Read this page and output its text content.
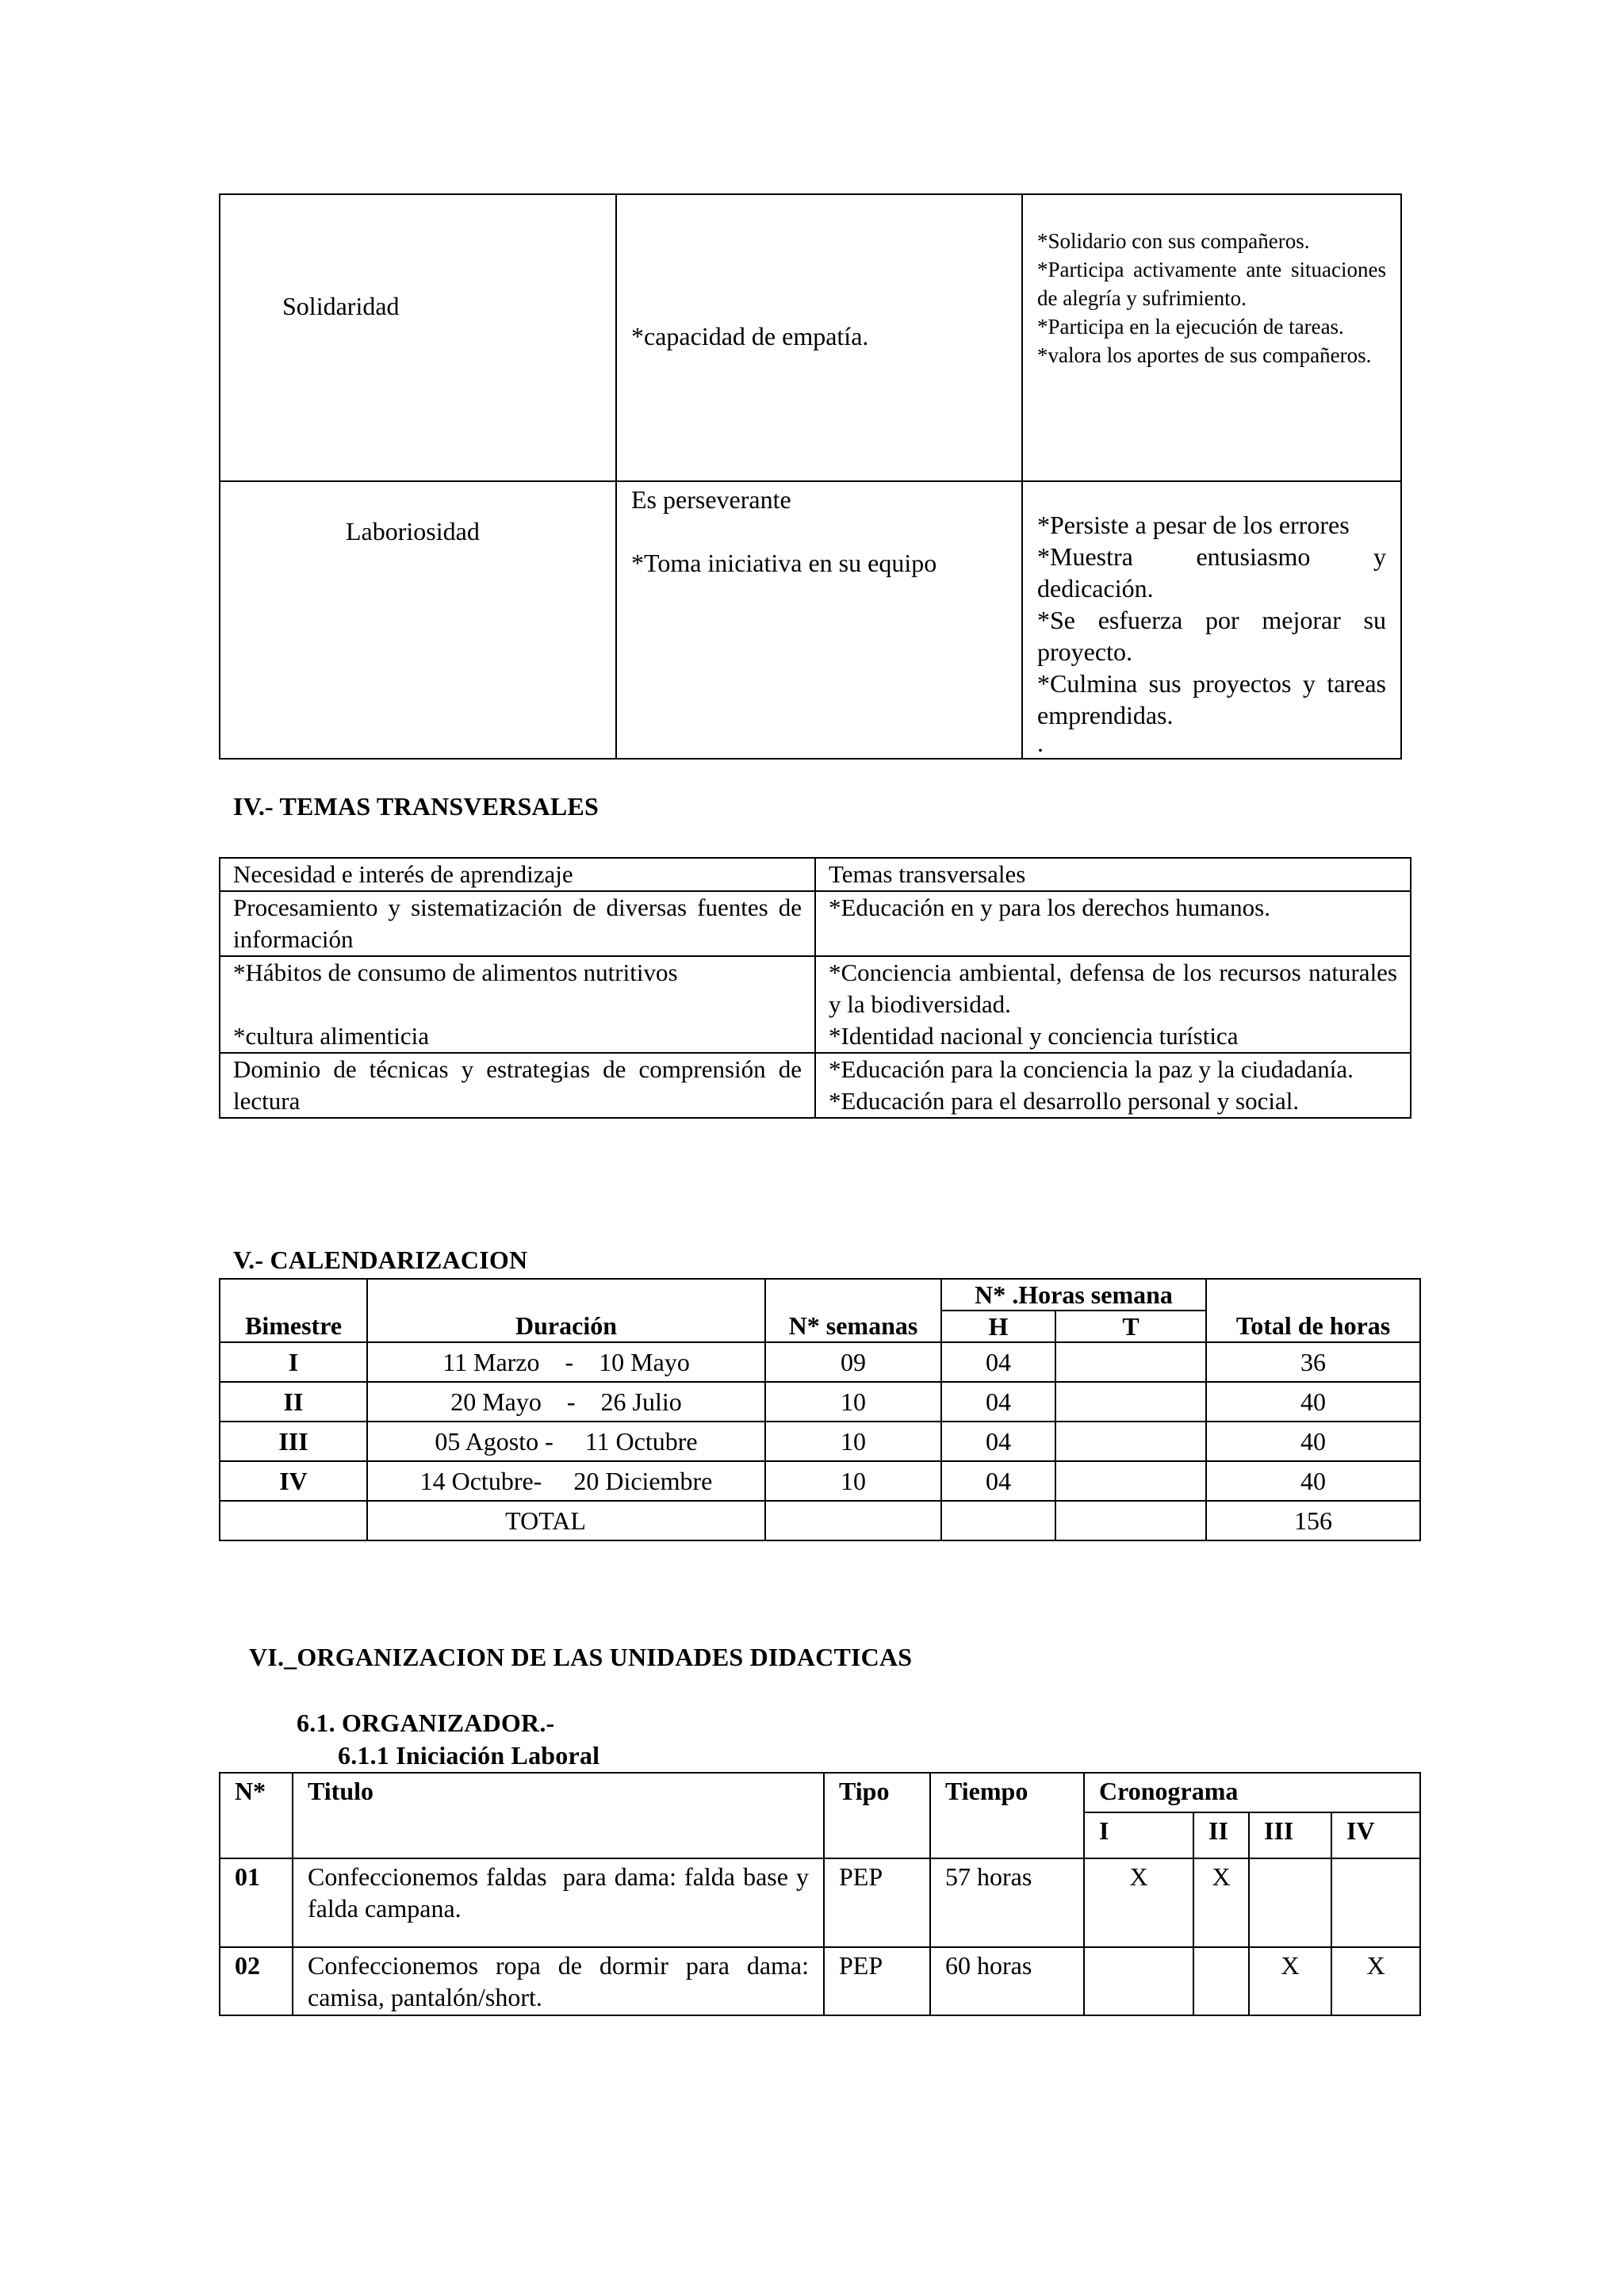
Solidaridad	*capacidad de empatía.	*Solidario con sus compañeros.
*Participa activamente ante situaciones de alegría y sufrimiento.
*Participa en la ejecución de tareas.
*valora los aportes de sus compañeros.

Laboriosidad	Es perseverante
*Toma iniciativa en su equipo	*Persiste a pesar de los errores
*Muestra entusiasmo y dedicación.
*Se esfuerza por mejorar su proyecto.
*Culmina sus proyectos y tareas emprendidas.
.
IV.- TEMAS TRANSVERSALES
Necesidad e interés de aprendizaje	Temas transversales

Procesamiento y sistematización de diversas fuentes de información	*Educación en y para los derechos humanos.

*Hábitos de consumo de alimentos nutritivos
*cultura alimenticia	*Conciencia ambiental, defensa de los recursos naturales y la biodiversidad.
*Identidad nacional y conciencia turística

Dominio de técnicas y estrategias de comprensión de lectura	*Educación para la conciencia la paz y la ciudadanía.
*Educación para el desarrollo personal y social.
V.- CALENDARIZACION
Bimestre	Duración	N* semanas	N* .Horas semana		Total de horas
			H	T	
I	11 Marzo    -    10 Mayo	09	04		36
II	20 Mayo    -    26 Julio	10	04		40
III	05 Agosto -     11 Octubre	10	04		40
IV	14 Octubre-     20 Diciembre	10	04		40
	TOTAL				156
VI._ORGANIZACION DE LAS UNIDADES DIDACTICAS
6.1. ORGANIZADOR.-
6.1.1 Iniciación Laboral
N*	Titulo	Tipo	Tiempo	Cronograma			
				I	II	III	IV
01	Confeccionemos faldas  para dama: falda base y falda campana.	PEP	57 horas	X	X		
02	Confeccionemos ropa de dormir para dama: camisa, pantalón/short.	PEP	60 horas			X	X
